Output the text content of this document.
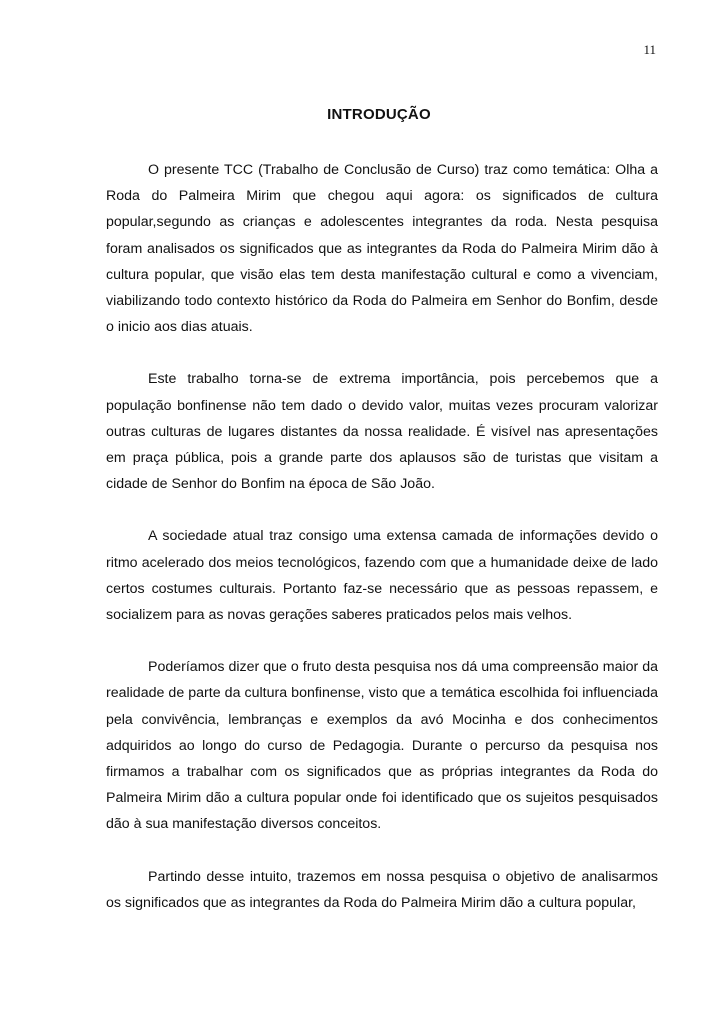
11
INTRODUÇÃO

O presente TCC (Trabalho de Conclusão de Curso) traz como temática: Olha a Roda do Palmeira Mirim que chegou aqui agora: os significados de cultura popular,segundo as crianças e adolescentes integrantes da roda. Nesta pesquisa foram analisados os significados que as integrantes da Roda do Palmeira Mirim dão à cultura popular, que visão elas tem desta manifestação cultural e como a vivenciam, viabilizando todo contexto histórico da Roda do Palmeira em Senhor do Bonfim, desde o inicio aos dias atuais.

Este trabalho torna-se de extrema importância, pois percebemos que a população bonfinense não tem dado o devido valor, muitas vezes procuram valorizar outras culturas de lugares distantes da nossa realidade. É visível nas apresentações em praça pública, pois a grande parte dos aplausos são de turistas que visitam a cidade de Senhor do Bonfim na época de São João.

A sociedade atual traz consigo uma extensa camada de informações devido o ritmo acelerado dos meios tecnológicos, fazendo com que a humanidade deixe de lado certos costumes culturais. Portanto faz-se necessário que as pessoas repassem, e socializem para as novas gerações saberes praticados pelos mais velhos.

Poderíamos dizer que o fruto desta pesquisa nos dá uma compreensão maior da realidade de parte da cultura bonfinense, visto que a temática escolhida foi influenciada pela convivência, lembranças e exemplos da avó Mocinha e dos conhecimentos adquiridos ao longo do curso de Pedagogia. Durante o percurso da pesquisa nos firmamos a trabalhar com os significados que as próprias integrantes da Roda do Palmeira Mirim dão a cultura popular onde foi identificado que os sujeitos pesquisados dão à sua manifestação diversos conceitos.

Partindo desse intuito, trazemos em nossa pesquisa o objetivo de analisarmos os significados que as integrantes da Roda do Palmeira Mirim dão a cultura popular,
